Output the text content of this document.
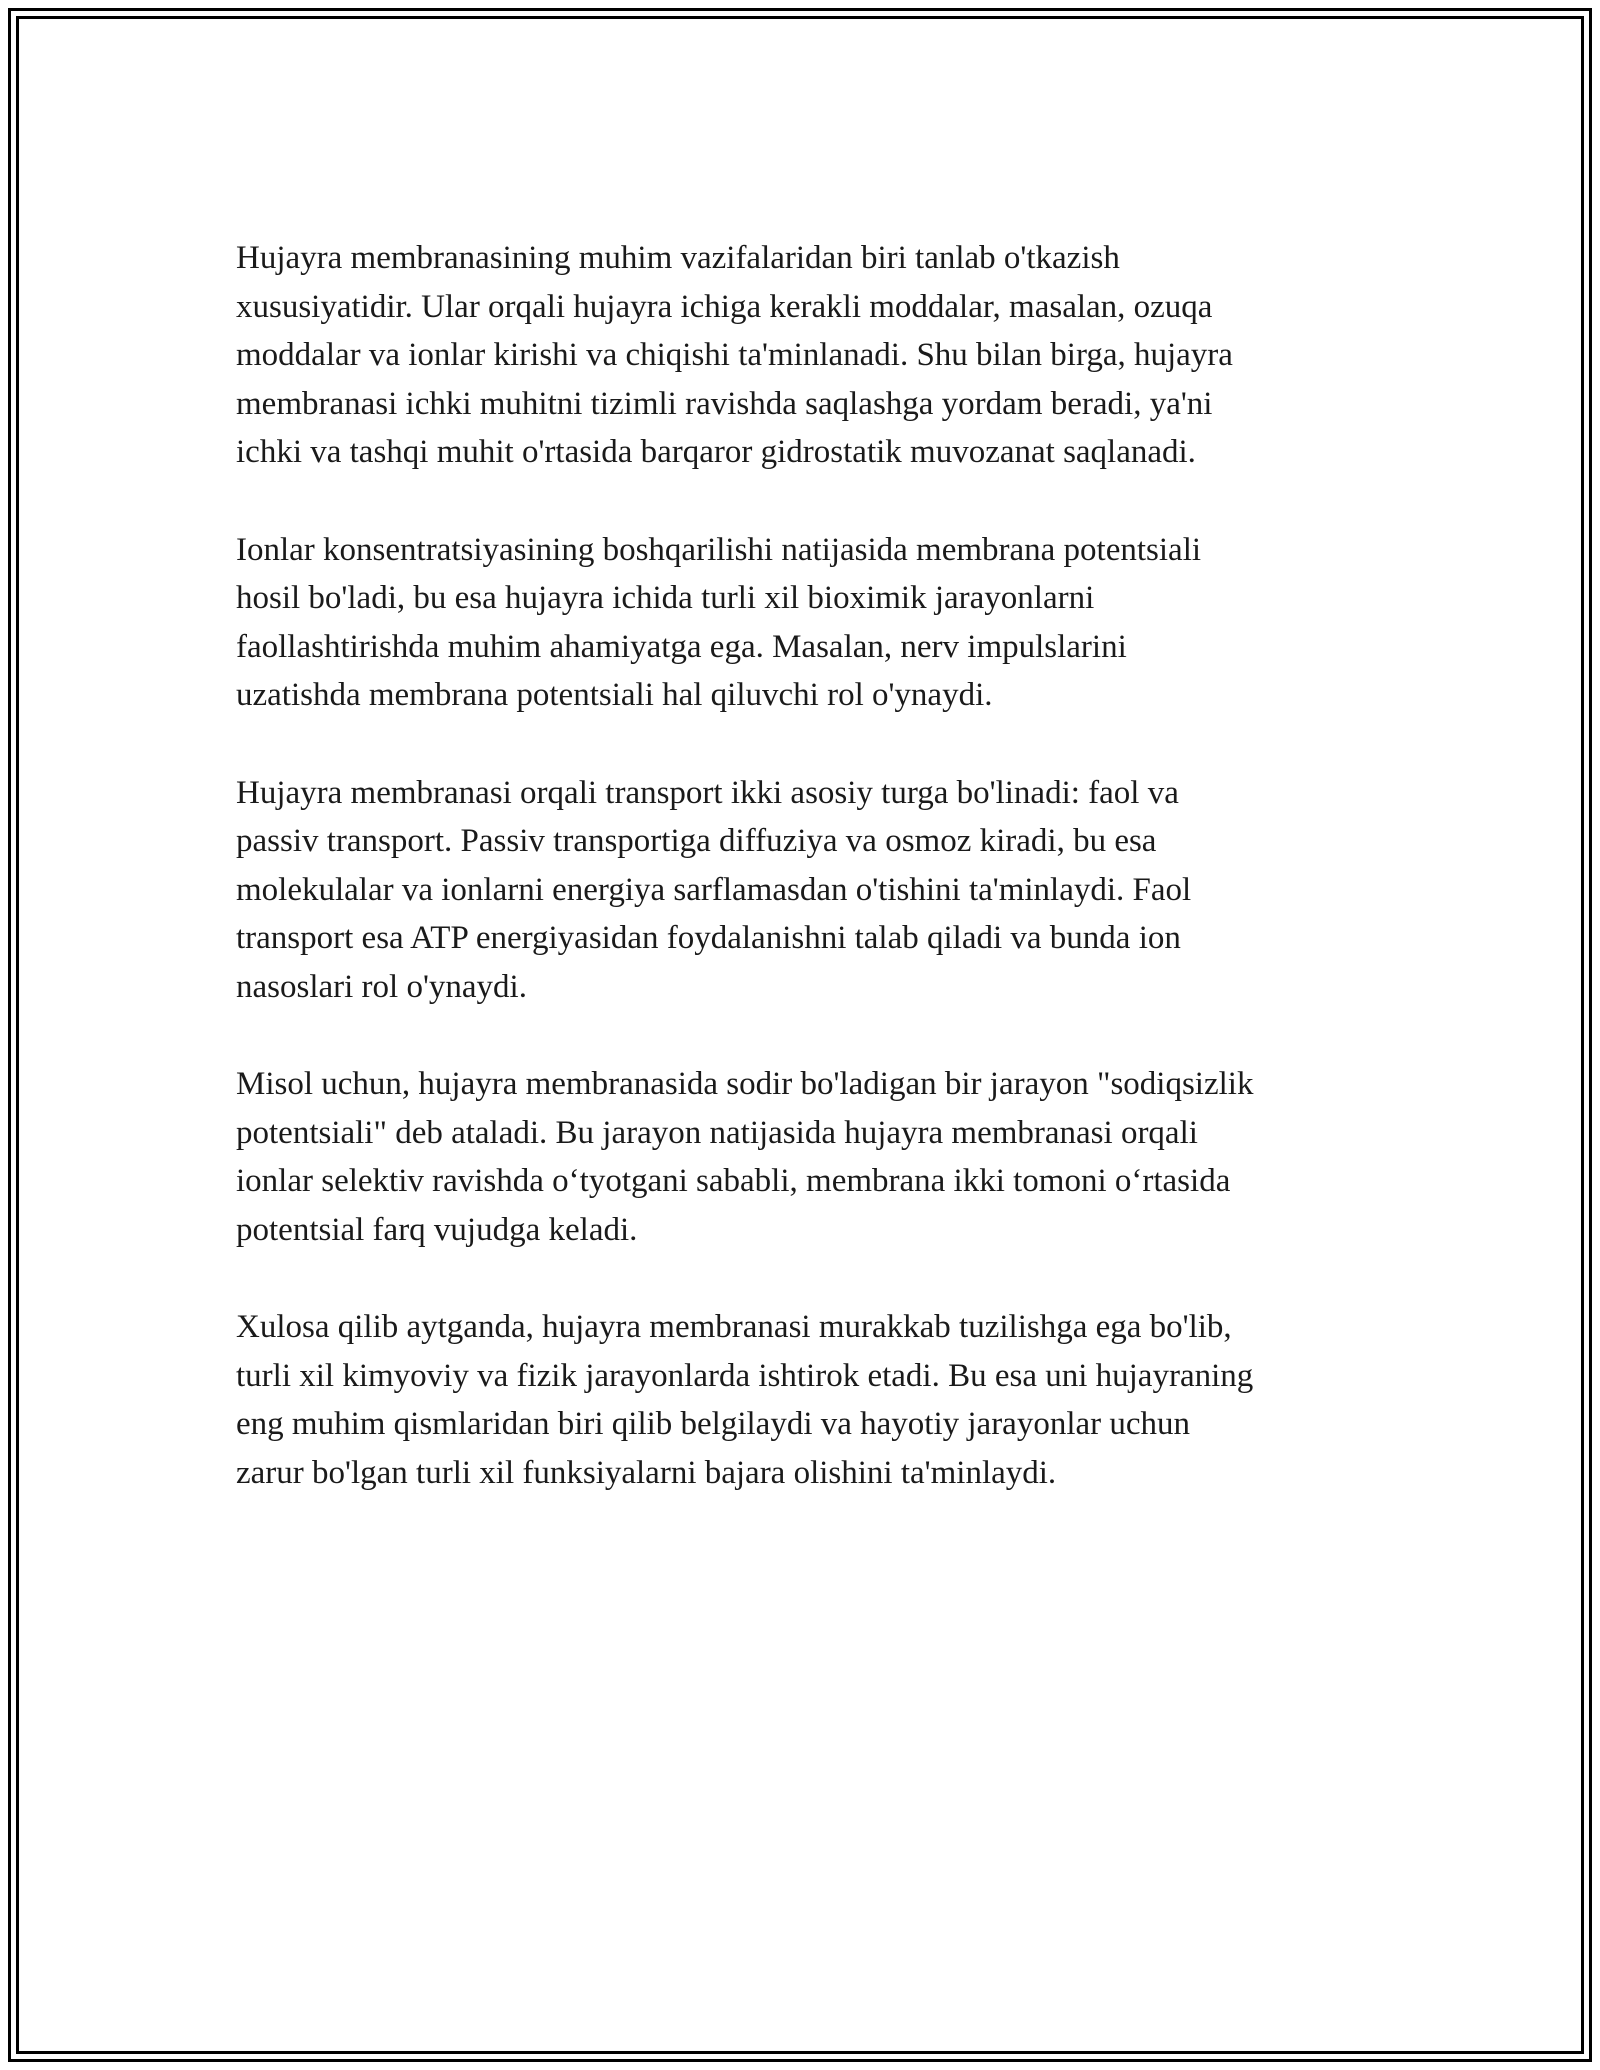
Hujayra membranasining muhim vazifalaridan biri tanlab o'tkazish
xususiyatidir. Ular orqali hujayra ichiga kerakli moddalar, masalan, ozuqa
moddalar va ionlar kirishi va chiqishi ta'minlanadi. Shu bilan birga, hujayra
membranasi ichki muhitni tizimli ravishda saqlashga yordam beradi, ya'ni
ichki va tashqi muhit o'rtasida barqaror gidrostatik muvozanat saqlanadi.

Ionlar konsentratsiyasining boshqarilishi natijasida membrana potentsiali
hosil bo'ladi, bu esa hujayra ichida turli xil bioximik jarayonlarni
faollashtirishda muhim ahamiyatga ega. Masalan, nerv impulslarini
uzatishda membrana potentsiali hal qiluvchi rol o'ynaydi.

Hujayra membranasi orqali transport ikki asosiy turga bo'linadi: faol va
passiv transport. Passiv transportiga diffuziya va osmoz kiradi, bu esa
molekulalar va ionlarni energiya sarflamasdan o'tishini ta'minlaydi. Faol
transport esa ATP energiyasidan foydalanishni talab qiladi va bunda ion
nasoslari rol o'ynaydi.

Misol uchun, hujayra membranasida sodir bo'ladigan bir jarayon "sodiqsizlik
potentsiali" deb ataladi. Bu jarayon natijasida hujayra membranasi orqali
ionlar selektiv ravishda o‘tyotgani sababli, membrana ikki tomoni o‘rtasida
potentsial farq vujudga keladi.

Xulosa qilib aytganda, hujayra membranasi murakkab tuzilishga ega bo'lib,
turli xil kimyoviy va fizik jarayonlarda ishtirok etadi. Bu esa uni hujayraning
eng muhim qismlaridan biri qilib belgilaydi va hayotiy jarayonlar uchun
zarur bo'lgan turli xil funksiyalarni bajara olishini ta'minlaydi.
